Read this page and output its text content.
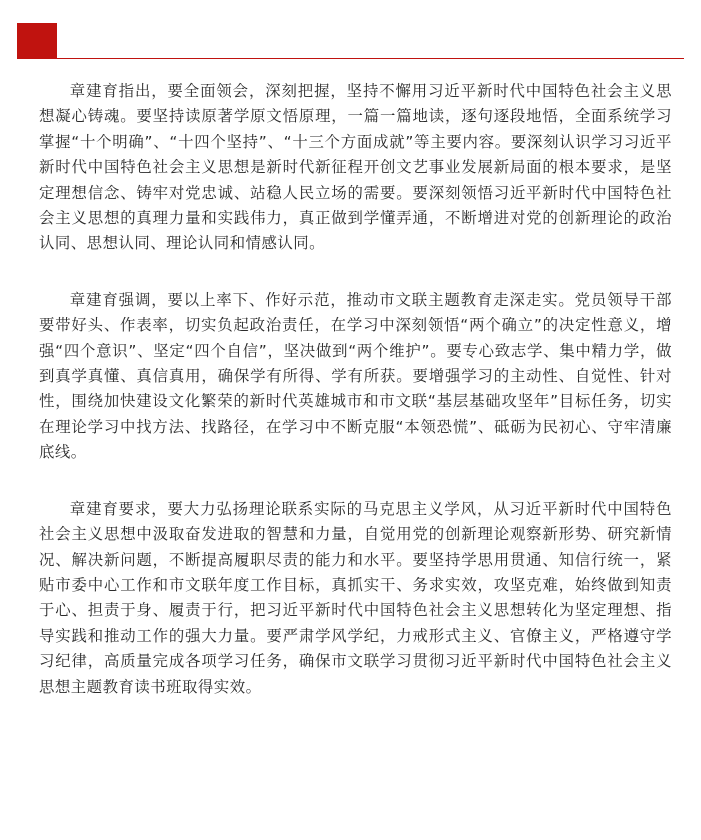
章建育指出，要全面领会，深刻把握，坚持不懈用习近平新时代中国特色社会主义思想凝心铸魂。要坚持读原著学原文悟原理，一篇一篇地读，逐句逐段地悟，全面系统学习掌握“十个明确”、“十四个坚持”、“十三个方面成就”等主要内容。要深刻认识学习习近平新时代中国特色社会主义思想是新时代新征程开创文艺事业发展新局面的根本要求，是坚定理想信念、铸牢对党忠诚、站稳人民立场的需要。要深刻领悟习近平新时代中国特色社会主义思想的真理力量和实践伟力，真正做到学懂弄通，不断增进对党的创新理论的政治认同、思想认同、理论认同和情感认同。

章建育强调，要以上率下、作好示范，推动市文联主题教育走深走实。党员领导干部要带好头、作表率，切实负起政治责任，在学习中深刻领悟“两个确立”的决定性意义，增强“四个意识”、坚定“四个自信”，坚决做到“两个维护”。要专心致志学、集中精力学，做到真学真懂、真信真用，确保学有所得、学有所获。要增强学习的主动性、自觉性、针对性，围绕加快建设文化繁荣的新时代英雄城市和市文联“基层基础攻坚年”目标任务，切实在理论学习中找方法、找路径，在学习中不断克服“本领恐慌”、砥砺为民初心、守牢清廉底线。

章建育要求，要大力弘扬理论联系实际的马克思主义学风，从习近平新时代中国特色社会主义思想中汲取奋发进取的智慧和力量，自觉用党的创新理论观察新形势、研究新情况、解决新问题，不断提高履职尽责的能力和水平。要坚持学思用贯通、知信行统一，紧贴市委中心工作和市文联年度工作目标，真抓实干、务求实效，攻坚克难，始终做到知责于心、担责于身、履责于行，把习近平新时代中国特色社会主义思想转化为坚定理想、指导实践和推动工作的强大力量。要严肃学风学纪，力戒形式主义、官僚主义，严格遵守学习纪律，高质量完成各项学习任务，确保市文联学习贯彻习近平新时代中国特色社会主义思想主题教育读书班取得实效。
